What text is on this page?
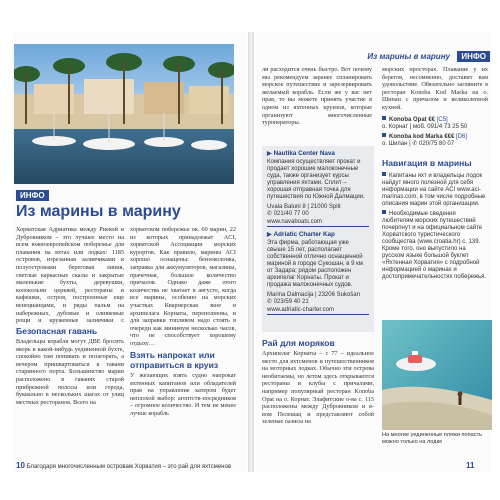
ИНФО
Из марины в марину
Хорватская Адриатика между Риекой и Дубровником – это лучшее место на всем южноевропейском побережье для плавания на яхтах или лодках: 1185 островов, изрезанная заливчиками и полуостровами береговая линия, светлые каркасные скалы и закрытые маленькие бухты, деревушки, колокольни церквей, рестораны и кафешки, остров, построенные еще венецианцами, и ряды пальм на набережных, дубовые и оливковые рощи и кружевные заливчики с
Безопасная гавань
Владельцы корабля могут ДВЕ бросить якорь в какой-нибудь уединенной бухте, спокойно там попивать и позагорать, а вечером пришвартоваться к гавани старинного порта. Большинство марин расположено в гаванях старой прибрежной полосы или города, буквально в нескольких шагах от улиц местных ресторанов. Всего на
хорватском побережье ок. 60 марин, 22 из которых принадлежат ACI, хорватской Ассоциации морских курортов. Как правило, марины ACI хорошо оснащены: бензоколонка, заправка для аккумуляторов, магазины, прачечная, большое количество причалов. Однако даже этого количества не хватает в августе, когда все марины, особенно на морских участках Кварнерская зкне и архипелага Корнаты, переполнены, и для заправки топливом надо стоять в очереди как минимум несколько часов, что не способствует хорошему отдыху…
Взять напрокат или отправиться в круиз
У желающих взять судно напрокат яхтенных капитанов или обладателей прав на управление катером будет неплохой выбор: агентств-посредников – огромное количество. И тем не менее лучше корабль
10 Благодаря многочисленным островам Хорватия – это рай для яхтсменов
Из марины в марину ИНФО
ли расходится очень быстро. Вот почему мы рекомендуем заранее спланировать морское путешествие и зарезервировать желаемый корабль. Если же у вас нет прав, то вы можете принять участие в одном из яхтенных круизов, которые организуют многочисленные туроператоры.
▶ Nautika Center Nava
Компания осуществляет прокат и продает хорошие малоконечные суда, также организует курсы управления яхтами. Сплит – хорошая отправная точка для путешествия по Южной Далмации.
Uvala Baluni 8 | 21000 Split
✆ 021/40 77 00
www.navaboats.com
▶ Adriatic Charter Kap
Эта фирма, работающая уже свыше 15 лет, располагает собственной отлично оснащенной мариной в городе Сукошан, в 9 км от Задара; рядом расположен архипелаг Корнаты. Прокат и продажа малоконечных судов.
Marina Dalmacija | 23206 Sukošan
✆ 023/59 40 21
www.adriatic-charter.com
Рай для моряков
Архипелаг Корнаты – с 77 – идеальное место для яхтсменов и путешественников на моторных лодках. Обычно эти острова необитаемы, но летом здесь открываются рестораны и клубы с причалами, например популярный ресторан Konoba Opat на о. Корнат. Элафитские о-ва с. 115 расположены между Дубровником и в-вом Пелешац и представляют собой зеленые оазисы на
морских просторах. Плавание у их берегов, несомненно, доставит вам удовольствие. Обязательно загляните в ресторан Konoba Kod Marka на о. Шипан с причалом и великолепной кухней.
Konoba Opat €€ [C5]
о. Корнат | моб. 091/4 73 25 50
Konoba kod Marka €€€ [D6]
о. Шипан | ✆ 020/75 80 07
Навигация в марины
Капитаны яхт и владельцы лодок найдут много полезной для себя информации на сайте ACI www.aci-marinas.com, в том числе подробные описания марин этой организации.
Необходимые сведения любителям морских путешествий почерпнут и на официальном сайте Хорватского туристического сообщества (www.croatia.hr) с. 139. Кроме того, оно выпустило на русском языке большой буклет «Яхтенная Хорватия» с подробной информацией о маринах и достопримечательностях побережья.
На многие уединенные пляжи попасть можно только на лодке
11
